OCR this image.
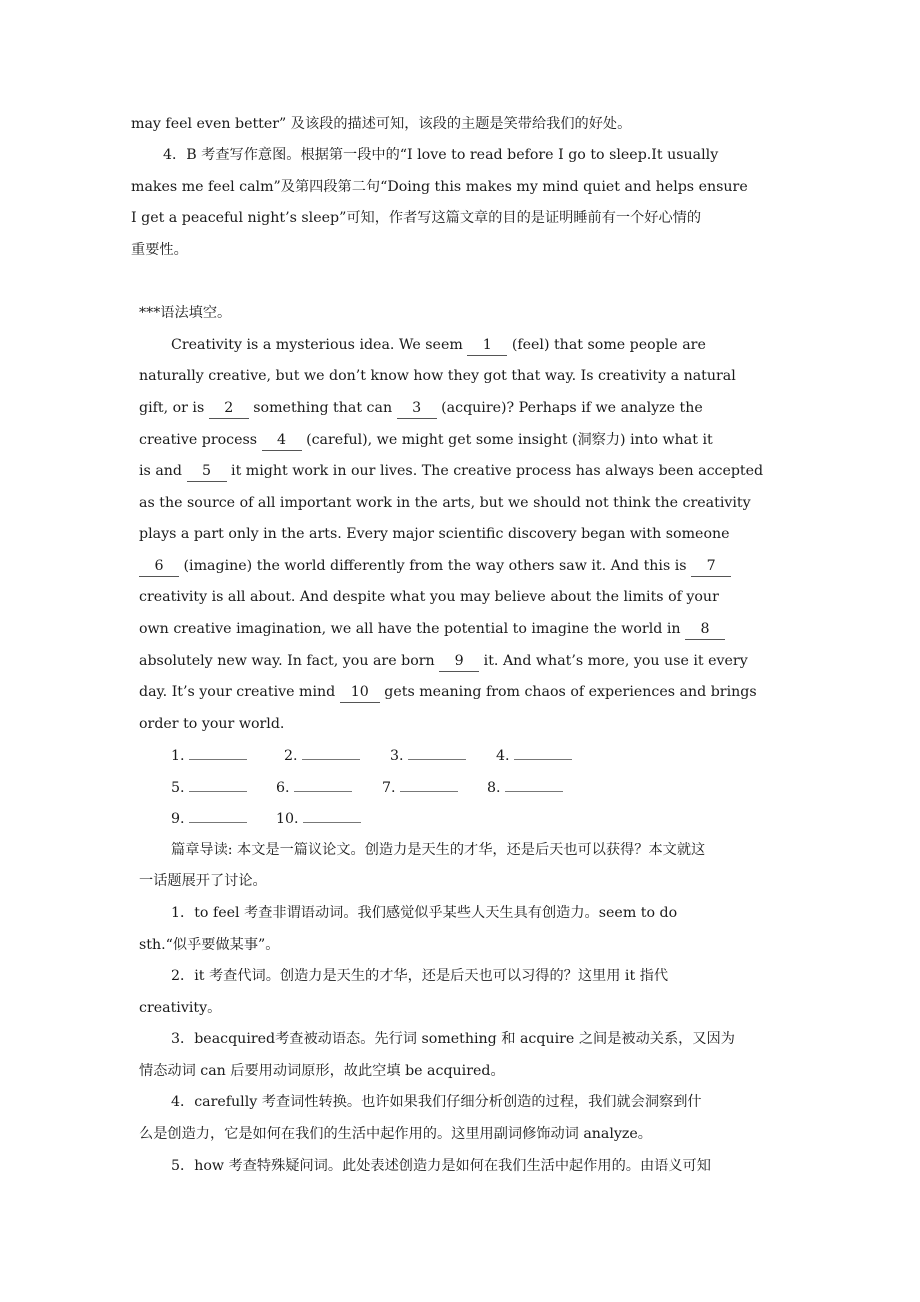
may feel even better” 及该段的描述可知，该段的主题是笑带给我们的好处。
4．B 考查写作意图。根据第一段中的“I love to read before I go to sleep.It usually
makes me feel calm”及第四段第二句“Doing this makes my mind quiet and helps ensure
I get a peaceful night’s sleep”可知，作者写这篇文章的目的是证明睡前有一个好心情的
重要性。
***语法填空。
Creativity is a mysterious idea. We seem 1 (feel) that some people are
naturally creative, but we don’t know how they got that way. Is creativity a natural
gift, or is 2 something that can 3 (acquire)? Perhaps if we analyze the
creative process 4 (careful), we might get some insight (洞察力) into what it
is and 5 it might work in our lives. The creative process has always been accepted
as the source of all important work in the arts, but we should not think the creativity
plays a part only in the arts. Every major scientific discovery began with someone
6 (imagine) the world differently from the way others saw it. And this is 7
creativity is all about. And despite what you may believe about the limits of your
own creative imagination, we all have the potential to imagine the world in 8
absolutely new way. In fact, you are born 9 it. And what’s more, you use it every
day. It’s your creative mind 10 gets meaning from chaos of experiences and brings
order to your world.
1.	2.	3.	4.
5.	6.	7.	8.
9.	10.
篇章导读: 本文是一篇议论文。创造力是天生的才华，还是后天也可以获得？本文就这
一话题展开了讨论。
1．to feel 考查非谓语动词。我们感觉似乎某些人天生具有创造力。seem to do
sth.“似乎要做某事”。
2．it 考查代词。创造力是天生的才华，还是后天也可以习得的？这里用 it 指代
creativity。
3．beacquired考查被动语态。先行词 something 和 acquire 之间是被动关系，又因为
情态动词 can 后要用动词原形，故此空填 be acquired。
4．carefully 考查词性转换。也许如果我们仔细分析创造的过程，我们就会洞察到什
么是创造力，它是如何在我们的生活中起作用的。这里用副词修饰动词 analyze。
5．how 考查特殊疑问词。此处表述创造力是如何在我们生活中起作用的。由语义可知
